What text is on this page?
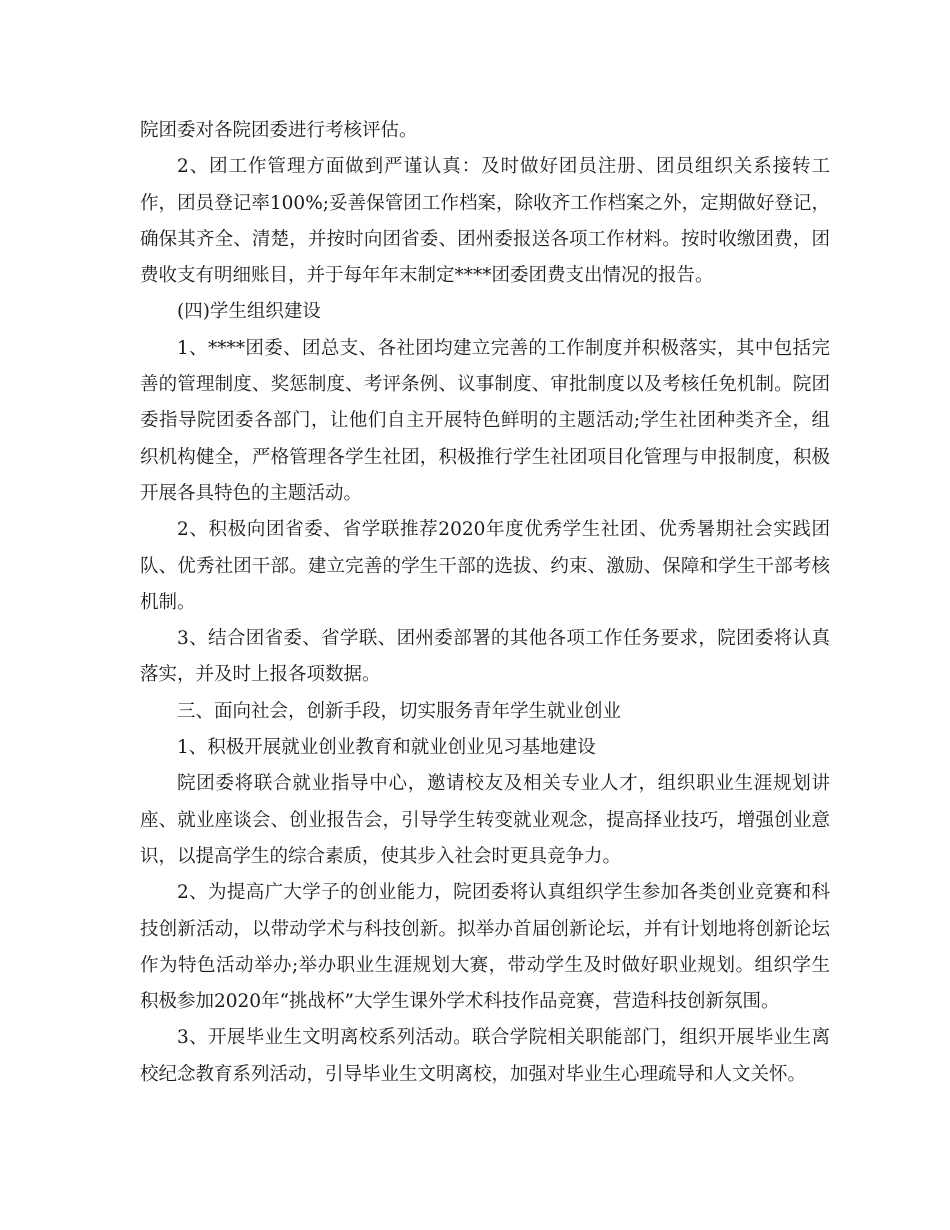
院团委对各院团委进行考核评估。

2、团工作管理方面做到严谨认真：及时做好团员注册、团员组织关系接转工作，团员登记率100%;妥善保管团工作档案，除收齐工作档案之外，定期做好登记，确保其齐全、清楚，并按时向团省委、团州委报送各项工作材料。按时收缴团费，团费收支有明细账目，并于每年年末制定****团委团费支出情况的报告。

(四)学生组织建设

1、****团委、团总支、各社团均建立完善的工作制度并积极落实，其中包括完善的管理制度、奖惩制度、考评条例、议事制度、审批制度以及考核任免机制。院团委指导院团委各部门，让他们自主开展特色鲜明的主题活动;学生社团种类齐全，组织机构健全，严格管理各学生社团，积极推行学生社团项目化管理与申报制度，积极开展各具特色的主题活动。

2、积极向团省委、省学联推荐2020年度优秀学生社团、优秀暑期社会实践团队、优秀社团干部。建立完善的学生干部的选拔、约束、激励、保障和学生干部考核机制。

3、结合团省委、省学联、团州委部署的其他各项工作任务要求，院团委将认真落实，并及时上报各项数据。

三、面向社会，创新手段，切实服务青年学生就业创业

1、积极开展就业创业教育和就业创业见习基地建设

院团委将联合就业指导中心，邀请校友及相关专业人才，组织职业生涯规划讲座、就业座谈会、创业报告会，引导学生转变就业观念，提高择业技巧，增强创业意识，以提高学生的综合素质，使其步入社会时更具竞争力。

2、为提高广大学子的创业能力，院团委将认真组织学生参加各类创业竞赛和科技创新活动，以带动学术与科技创新。拟举办首届创新论坛，并有计划地将创新论坛作为特色活动举办;举办职业生涯规划大赛，带动学生及时做好职业规划。组织学生积极参加2020年“挑战杯”大学生课外学术科技作品竞赛，营造科技创新氛围。

3、开展毕业生文明离校系列活动。联合学院相关职能部门，组织开展毕业生离校纪念教育系列活动，引导毕业生文明离校，加强对毕业生心理疏导和人文关怀。
